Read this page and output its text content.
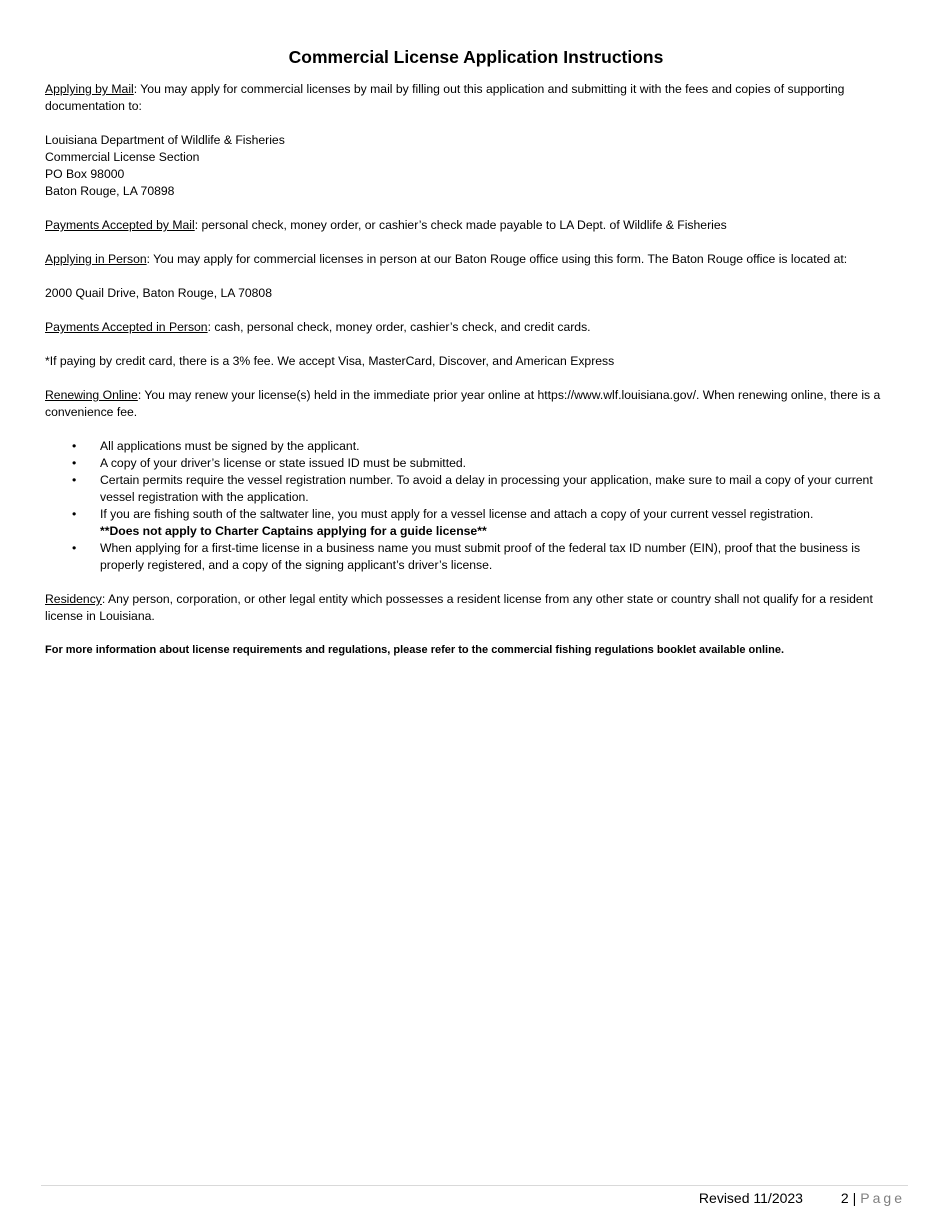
Commercial License Application Instructions

Applying by Mail: You may apply for commercial licenses by mail by filling out this application and submitting it with the fees and copies of supporting documentation to:

Louisiana Department of Wildlife & Fisheries

Commercial License Section

PO Box 98000

Baton Rouge, LA 70898

Payments Accepted by Mail: personal check, money order, or cashier’s check made payable to LA Dept. of Wildlife & Fisheries

Applying in Person: You may apply for commercial licenses in person at our Baton Rouge office using this form. The Baton Rouge office is located at:

2000 Quail Drive, Baton Rouge, LA 70808

Payments Accepted in Person: cash, personal check, money order, cashier’s check, and credit cards.

*If paying by credit card, there is a 3% fee. We accept Visa, MasterCard, Discover, and American Express

Renewing Online: You may renew your license(s) held in the immediate prior year online at https://www.wlf.louisiana.gov/. When renewing online, there is a convenience fee.

• All applications must be signed by the applicant.
• A copy of your driver’s license or state issued ID must be submitted.
• Certain permits require the vessel registration number. To avoid a delay in processing your application, make sure to mail a copy of your current vessel registration with the application.
• If you are fishing south of the saltwater line, you must apply for a vessel license and attach a copy of your current vessel registration.
**Does not apply to Charter Captains applying for a guide license**
• When applying for a first-time license in a business name you must submit proof of the federal tax ID number (EIN), proof that the business is properly registered, and a copy of the signing applicant’s driver’s license.

Residency: Any person, corporation, or other legal entity which possesses a resident license from any other state or country shall not qualify for a resident license in Louisiana.

For more information about license requirements and regulations, please refer to the commercial fishing regulations booklet available online.

Revised 11/2023	2 | Page
